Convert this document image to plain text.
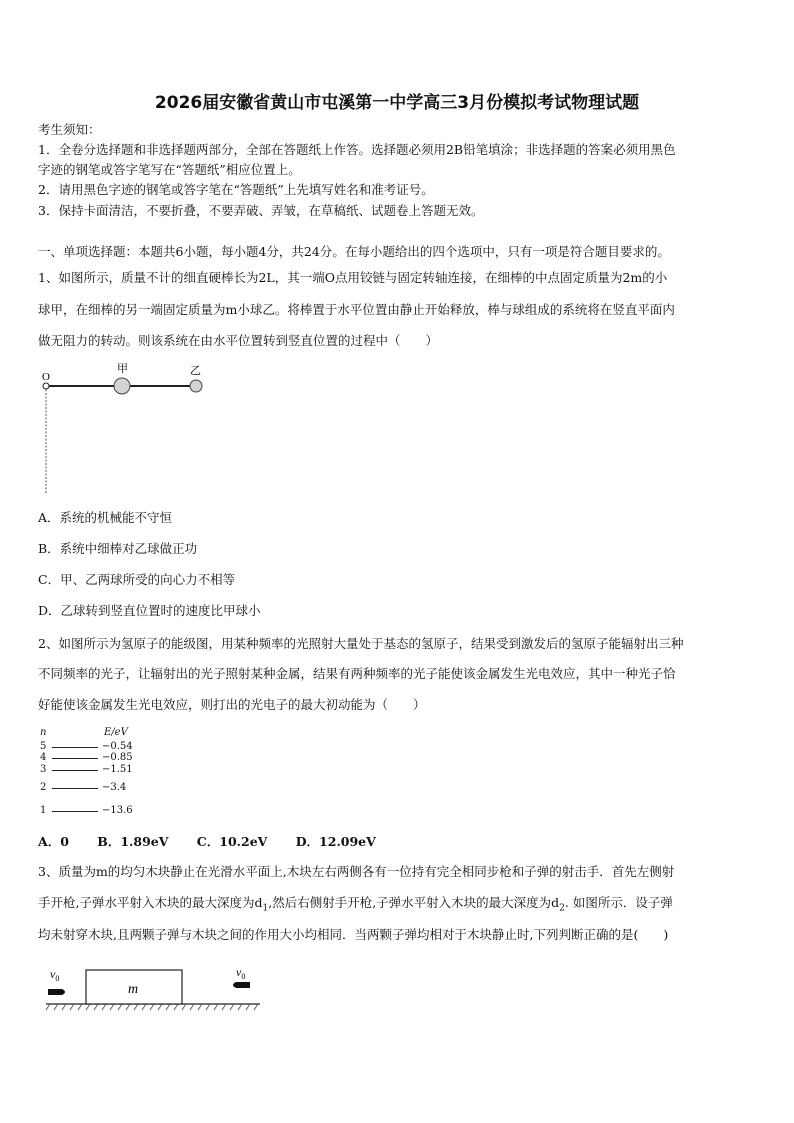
2026届安徽省黄山市屯溪第一中学高三3月份模拟考试物理试题
考生须知：
1．全卷分选择题和非选择题两部分，全部在答题纸上作答。选择题必须用2B铅笔填涂；非选择题的答案必须用黑色
字迹的钢笔或答字笔写在“答题纸”相应位置上。
2．请用黑色字迹的钢笔或答字笔在“答题纸”上先填写姓名和准考证号。
3．保持卡面清洁，不要折叠，不要弄破、弄皱，在草稿纸、试题卷上答题无效。
一、单项选择题：本题共6小题，每小题4分，共24分。在每小题给出的四个选项中，只有一项是符合题目要求的。
1、如图所示，质量不计的细直硬棒长为2L，其一端O点用铰链与固定转轴连接，在细棒的中点固定质量为2m的小
球甲，在细棒的另一端固定质量为m小球乙。将棒置于水平位置由静止开始释放，棒与球组成的系统将在竖直平面内
做无阻力的转动。则该系统在由水平位置转到竖直位置的过程中（　　）
O
甲	乙
A．系统的机械能不守恒
B．系统中细棒对乙球做正功
C．甲、乙两球所受的向心力不相等
D．乙球转到竖直位置时的速度比甲球小
2、如图所示为氢原子的能级图，用某种频率的光照射大量处于基态的氢原子，结果受到激发后的氢原子能辐射出三种
不同频率的光子，让辐射出的光子照射某种金属，结果有两种频率的光子能使该金属发生光电效应，其中一种光子恰
好能使该金属发生光电效应，则打出的光电子的最大初动能为（　　）
n	E/eV
5	−0.54
4	−0.85
3	−1.51
2	−3.4
1	−13.6
A．0 B．1.89eV C．10.2eV D．12.09eV
3、质量为m的均匀木块静止在光滑水平面上,木块左右两侧各有一位持有完全相同步枪和子弹的射击手．首先左侧射
手开枪,子弹水平射入木块的最大深度为$d_1$,然后右侧射手开枪,子弹水平射入木块的最大深度为$d_2$. 如图所示．设子弹
均未射穿木块,且两颗子弹与木块之间的作用大小均相同．当两颗子弹均相对于木块静止时,下列判断正确的是(　　)
m
$v_0$	$v_0$
